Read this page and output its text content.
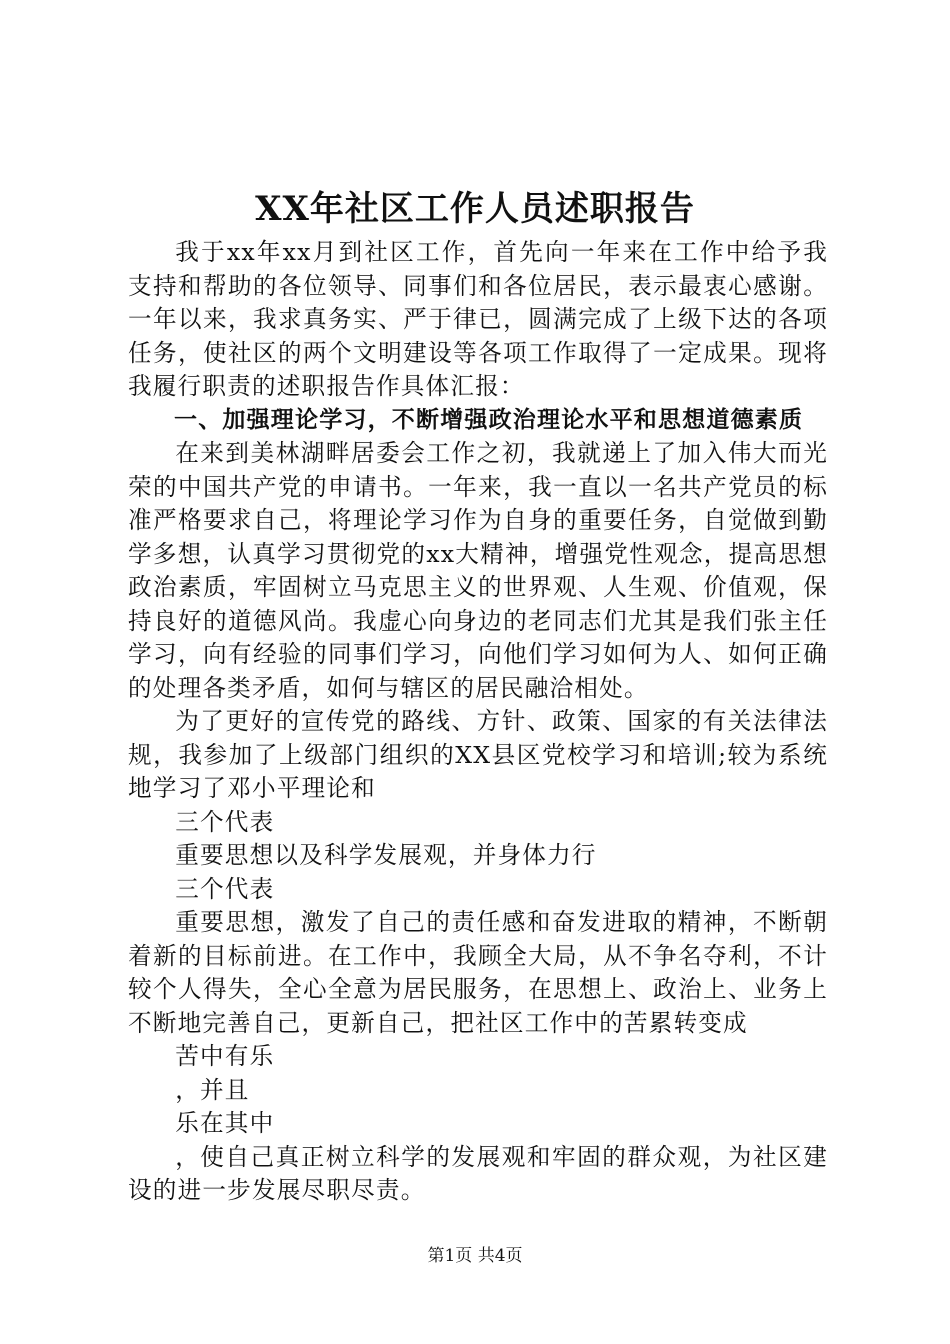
XX年社区工作人员述职报告

我于xx年xx月到社区工作，首先向一年来在工作中给予我支持和帮助的各位领导、同事们和各位居民，表示最衷心感谢。一年以来，我求真务实、严于律已，圆满完成了上级下达的各项任务，使社区的两个文明建设等各项工作取得了一定成果。现将我履行职责的述职报告作具体汇报：

一、加强理论学习，不断增强政治理论水平和思想道德素质

在来到美林湖畔居委会工作之初，我就递上了加入伟大而光荣的中国共产党的申请书。一年来，我一直以一名共产党员的标准严格要求自己，将理论学习作为自身的重要任务，自觉做到勤学多想，认真学习贯彻党的xx大精神，增强党性观念，提高思想政治素质，牢固树立马克思主义的世界观、人生观、价值观，保持良好的道德风尚。我虚心向身边的老同志们尤其是我们张主任学习，向有经验的同事们学习，向他们学习如何为人、如何正确的处理各类矛盾，如何与辖区的居民融洽相处。

为了更好的宣传党的路线、方针、政策、国家的有关法律法规，我参加了上级部门组织的XX县区党校学习和培训;较为系统地学习了邓小平理论和

三个代表

重要思想以及科学发展观，并身体力行

三个代表

重要思想，激发了自己的责任感和奋发进取的精神，不断朝着新的目标前进。在工作中，我顾全大局，从不争名夺利，不计较个人得失，全心全意为居民服务，在思想上、政治上、业务上不断地完善自己，更新自己，把社区工作中的苦累转变成

苦中有乐

，并且

乐在其中

，使自己真正树立科学的发展观和牢固的群众观，为社区建设的进一步发展尽职尽责。

第1页 共4页
